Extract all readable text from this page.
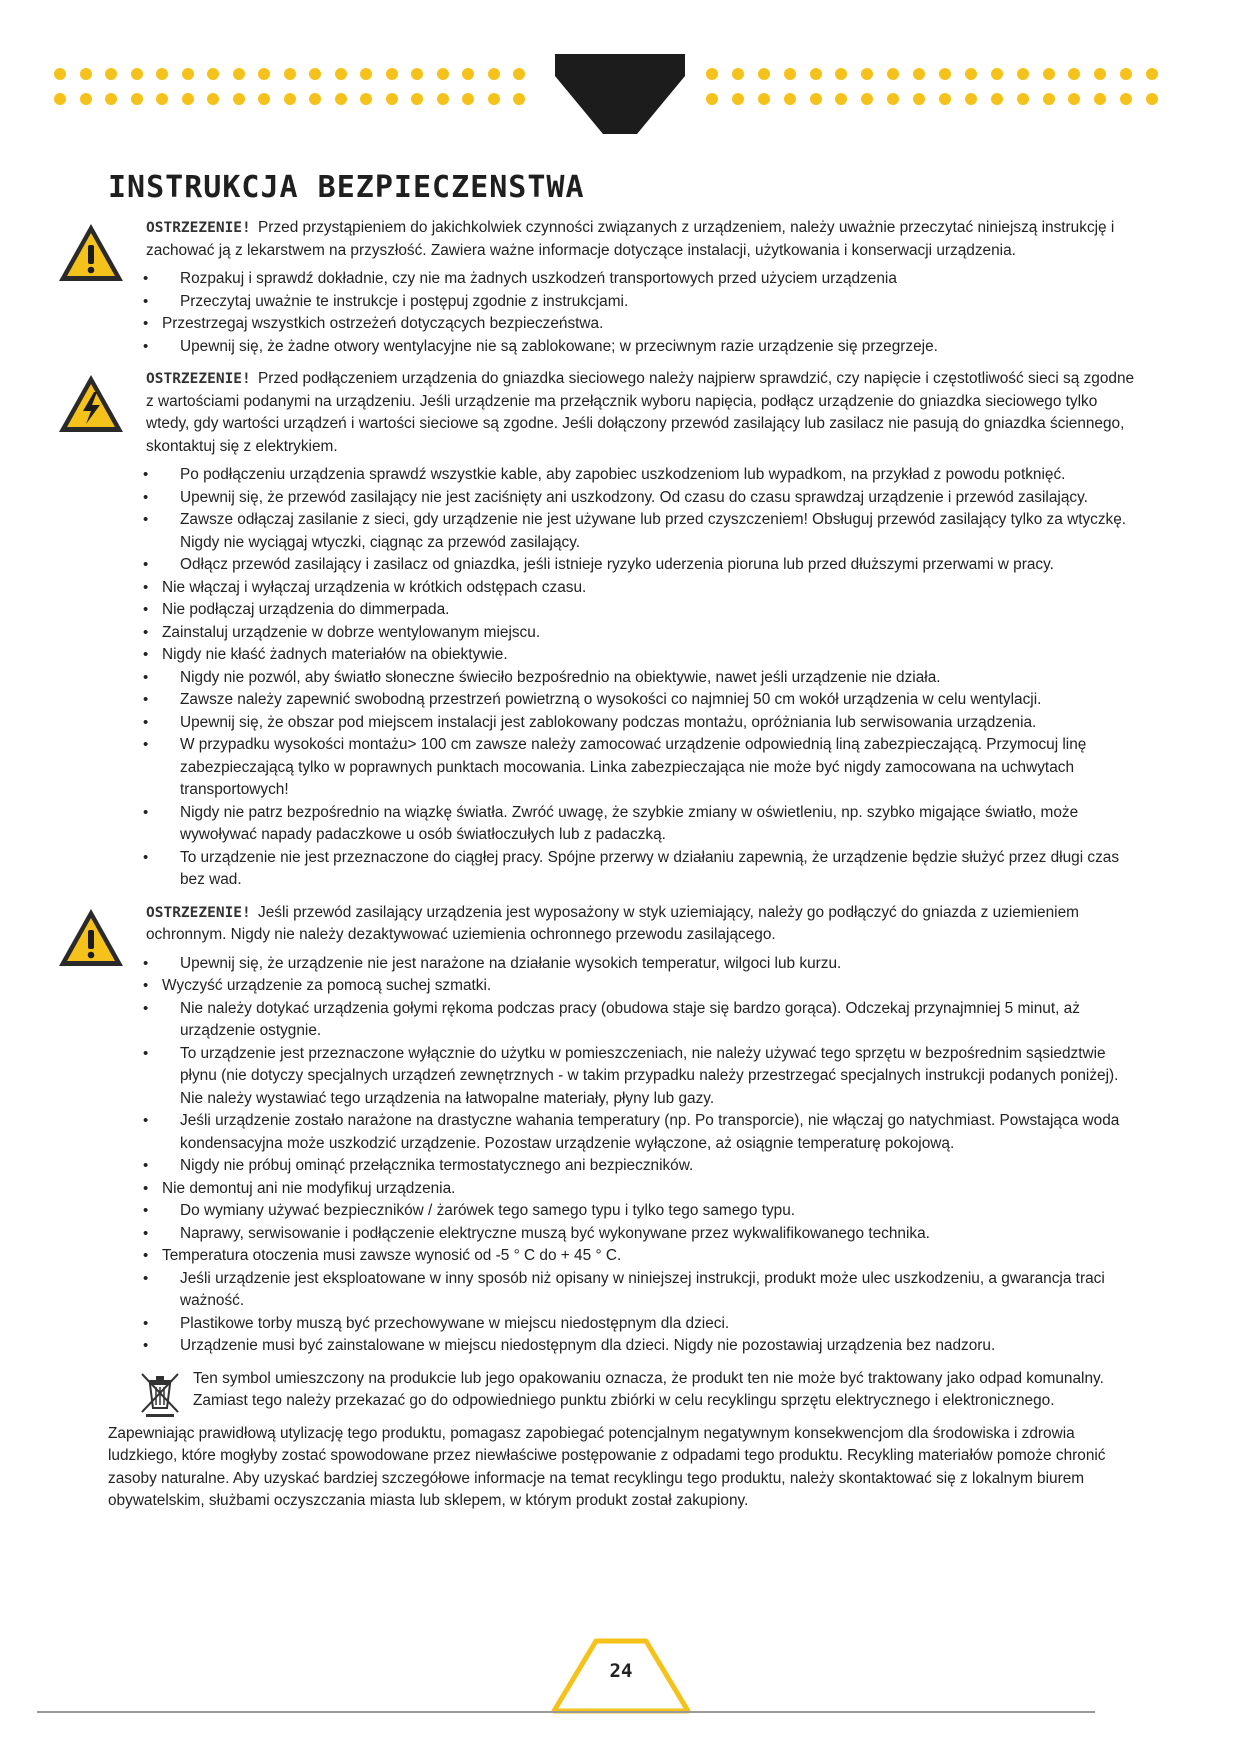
INSTRUKCJA BEZPIECZENSTWA

OSTRZEZENIE! Przed przystąpieniem do jakichkolwiek czynności związanych z urządzeniem, należy uważnie przeczytać niniejszą instrukcję i zachować ją z lekarstwem na przyszłość. Zawiera ważne informacje dotyczące instalacji, użytkowania i konserwacji urządzenia.

• Rozpakuj i sprawdź dokładnie, czy nie ma żadnych uszkodzeń transportowych przed użyciem urządzenia
• Przeczytaj uważnie te instrukcje i postępuj zgodnie z instrukcjami.
• Przestrzegaj wszystkich ostrzeżeń dotyczących bezpieczeństwa.
• Upewnij się, że żadne otwory wentylacyjne nie są zablokowane; w przeciwnym razie urządzenie się przegrzeje.

OSTRZEZENIE! Przed podłączeniem urządzenia do gniazdka sieciowego należy najpierw sprawdzić, czy napięcie i częstotliwość sieci są zgodne z wartościami podanymi na urządzeniu. Jeśli urządzenie ma przełącznik wyboru napięcia, podłącz urządzenie do gniazdka sieciowego tylko wtedy, gdy wartości urządzeń i wartości sieciowe są zgodne. Jeśli dołączony przewód zasilający lub zasilacz nie pasują do gniazdka ściennego, skontaktuj się z elektrykiem.

• Po podłączeniu urządzenia sprawdź wszystkie kable, aby zapobiec uszkodzeniom lub wypadkom, na przykład z powodu potknięć.
• Upewnij się, że przewód zasilający nie jest zaciśnięty ani uszkodzony. Od czasu do czasu sprawdzaj urządzenie i przewód zasilający.
• Zawsze odłączaj zasilanie z sieci, gdy urządzenie nie jest używane lub przed czyszczeniem! Obsługuj przewód zasilający tylko za wtyczkę. Nigdy nie wyciągaj wtyczki, ciągnąc za przewód zasilający.
• Odłącz przewód zasilający i zasilacz od gniazdka, jeśli istnieje ryzyko uderzenia pioruna lub przed dłuższymi przerwami w pracy.
• Nie włączaj i wyłączaj urządzenia w krótkich odstępach czasu.
• Nie podłączaj urządzenia do dimmerpada.
• Zainstaluj urządzenie w dobrze wentylowanym miejscu.
• Nigdy nie kłaść żadnych materiałów na obiektywie.
• Nigdy nie pozwól, aby światło słoneczne świeciło bezpośrednio na obiektywie, nawet jeśli urządzenie nie działa.
• Zawsze należy zapewnić swobodną przestrzeń powietrzną o wysokości co najmniej 50 cm wokół urządzenia w celu wentylacji.
• Upewnij się, że obszar pod miejscem instalacji jest zablokowany podczas montażu, opróżniania lub serwisowania urządzenia.
• W przypadku wysokości montażu> 100 cm zawsze należy zamocować urządzenie odpowiednią liną zabezpieczającą. Przymocuj linę zabezpieczającą tylko w poprawnych punktach mocowania. Linka zabezpieczająca nie może być nigdy zamocowana na uchwytach transportowych!
• Nigdy nie patrz bezpośrednio na wiązkę światła. Zwróć uwagę, że szybkie zmiany w oświetleniu, np. szybko migające światło, może wywoływać napady padaczkowe u osób światłoczułych lub z padaczką.
• To urządzenie nie jest przeznaczone do ciągłej pracy. Spójne przerwy w działaniu zapewnią, że urządzenie będzie służyć przez długi czas bez wad.

OSTRZEZENIE! Jeśli przewód zasilający urządzenia jest wyposażony w styk uziemiający, należy go podłączyć do gniazda z uziemieniem ochronnym. Nigdy nie należy dezaktywować uziemienia ochronnego przewodu zasilającego.

• Upewnij się, że urządzenie nie jest narażone na działanie wysokich temperatur, wilgoci lub kurzu.
• Wyczyść urządzenie za pomocą suchej szmatki.
• Nie należy dotykać urządzenia gołymi rękoma podczas pracy (obudowa staje się bardzo gorąca). Odczekaj przynajmniej 5 minut, aż urządzenie ostygnie.
• To urządzenie jest przeznaczone wyłącznie do użytku w pomieszczeniach, nie należy używać tego sprzętu w bezpośrednim sąsiedztwie płynu (nie dotyczy specjalnych urządzeń zewnętrznych - w takim przypadku należy przestrzegać specjalnych instrukcji podanych poniżej). Nie należy wystawiać tego urządzenia na łatwopalne materiały, płyny lub gazy.
• Jeśli urządzenie zostało narażone na drastyczne wahania temperatury (np. Po transporcie), nie włączaj go natychmiast. Powstająca woda kondensacyjna może uszkodzić urządzenie. Pozostaw urządzenie wyłączone, aż osiągnie temperaturę pokojową.
• Nigdy nie próbuj ominąć przełącznika termostatycznego ani bezpieczników.
• Nie demontuj ani nie modyfikuj urządzenia.
• Do wymiany używać bezpieczników / żarówek tego samego typu i tylko tego samego typu.
• Naprawy, serwisowanie i podłączenie elektryczne muszą być wykonywane przez wykwalifikowanego technika.
• Temperatura otoczenia musi zawsze wynosić od -5 ° C do + 45 ° C.
• Jeśli urządzenie jest eksploatowane w inny sposób niż opisany w niniejszej instrukcji, produkt może ulec uszkodzeniu, a gwarancja traci ważność.
• Plastikowe torby muszą być przechowywane w miejscu niedostępnym dla dzieci.
• Urządzenie musi być zainstalowane w miejscu niedostępnym dla dzieci. Nigdy nie pozostawiaj urządzenia bez nadzoru.

Ten symbol umieszczony na produkcie lub jego opakowaniu oznacza, że produkt ten nie może być traktowany jako odpad komunalny.

Zamiast tego należy przekazać go do odpowiedniego punktu zbiórki w celu recyklingu sprzętu elektrycznego i elektronicznego.

Zapewniając prawidłową utylizację tego produktu, pomagasz zapobiegać potencjalnym negatywnym konsekwencjom dla środowiska i zdrowia ludzkiego, które mogłyby zostać spowodowane przez niewłaściwe postępowanie z odpadami tego produktu. Recykling materiałów pomoże chronić zasoby naturalne. Aby uzyskać bardziej szczegółowe informacje na temat recyklingu tego produktu, należy skontaktować się z lokalnym biurem obywatelskim, służbami oczyszczania miasta lub sklepem, w którym produkt został zakupiony.

24
